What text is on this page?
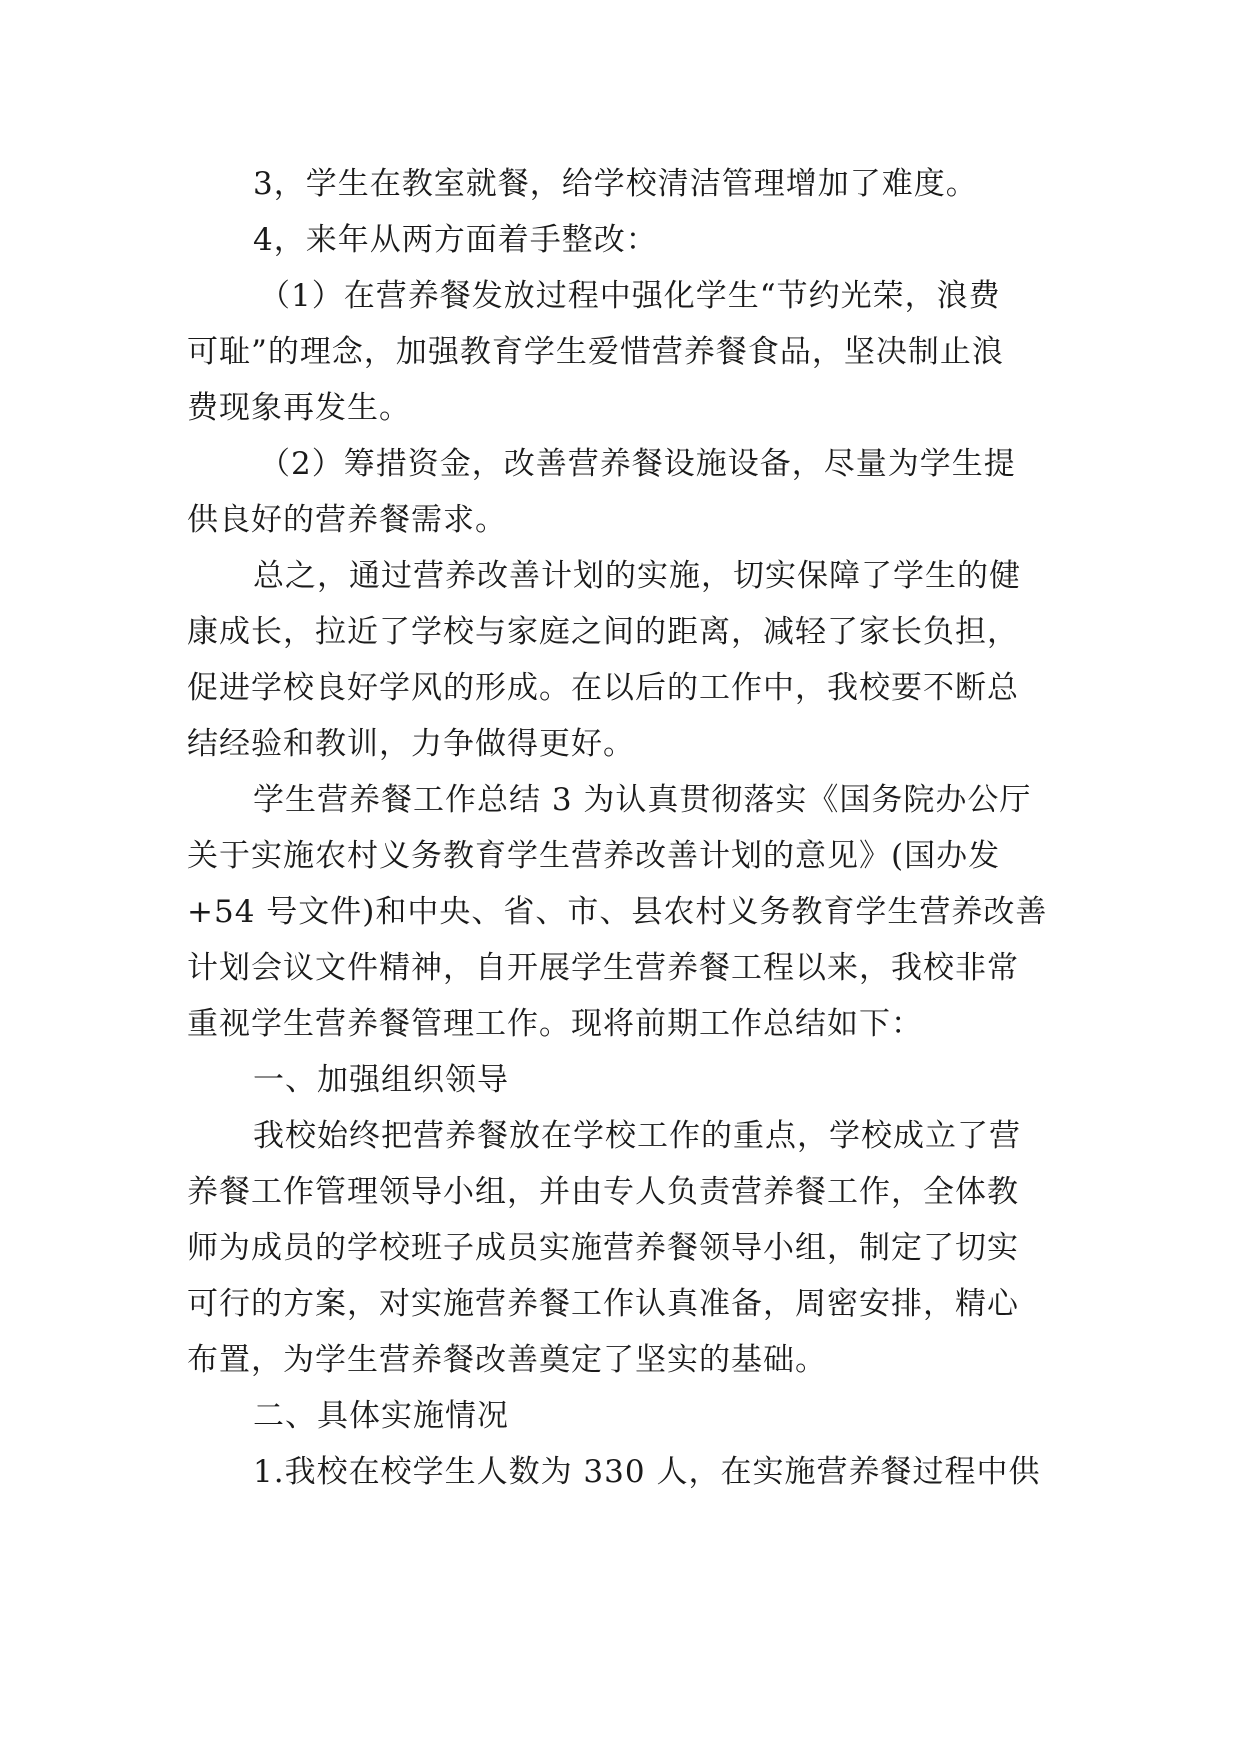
3，学生在教室就餐，给学校清洁管理增加了难度。

4，来年从两方面着手整改：

（1）在营养餐发放过程中强化学生“节约光荣，浪费

可耻”的理念，加强教育学生爱惜营养餐食品，坚决制止浪

费现象再发生。

（2）筹措资金，改善营养餐设施设备，尽量为学生提

供良好的营养餐需求。

总之，通过营养改善计划的实施，切实保障了学生的健

康成长，拉近了学校与家庭之间的距离，减轻了家长负担，

促进学校良好学风的形成。在以后的工作中，我校要不断总

结经验和教训，力争做得更好。

学生营养餐工作总结 3 为认真贯彻落实《国务院办公厅

关于实施农村义务教育学生营养改善计划的意见》(国办发

+54 号文件)和中央、省、市、县农村义务教育学生营养改善

计划会议文件精神，自开展学生营养餐工程以来，我校非常

重视学生营养餐管理工作。现将前期工作总结如下：

一、加强组织领导

我校始终把营养餐放在学校工作的重点，学校成立了营

养餐工作管理领导小组，并由专人负责营养餐工作，全体教

师为成员的学校班子成员实施营养餐领导小组，制定了切实

可行的方案，对实施营养餐工作认真准备，周密安排，精心

布置，为学生营养餐改善奠定了坚实的基础。

二、具体实施情况

1.我校在校学生人数为 330 人，在实施营养餐过程中供
